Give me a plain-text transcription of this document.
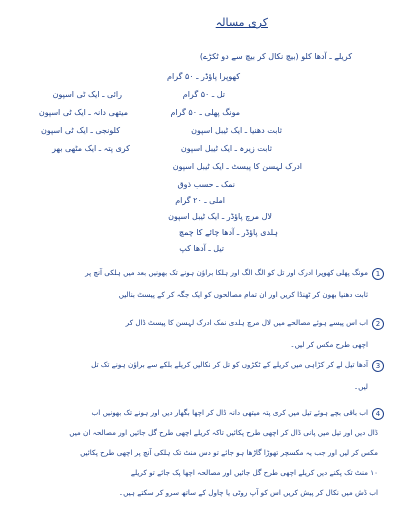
کری مسالہ
کریلے ـ آدھا کلو (بیچ نکال کر بیچ سے دو ٹکڑے)
کھوپرا پاؤڈر ـ ۵۰ گرام
تل ـ ۵۰ گرام
مونگ پھلی ـ ۵۰ گرام
ثابت دھنیا ـ ایک ٹیبل اسپون
ثابت زیرہ ـ ایک ٹیبل اسپون
ادرک لہسن کا پیسٹ ـ ایک ٹیبل اسپون
نمک ـ حسب ذوق
املی ـ ۲۰ گرام
لال مرچ پاؤڈر ـ ایک ٹیبل اسپون
ہلدی پاؤڈر ـ آدھا چائے کا چمچ
تیل ـ آدھا کپ
رائی ـ ایک ٹی اسپون
میتھی دانہ ـ ایک ٹی اسپون
کلونجی ـ ایک ٹی اسپون
کری پتہ ـ ایک مٹھی بھر
1
مونگ پھلی کھوپرا ادرک اور تل کو الگ الگ اور ہلکا براؤن ہونے تک بھونیں بعد میں ہلکی آنچ پر
ثابت دھنیا بھون کر ٹھنڈا کریں اور ان تمام مصالحوں کو ایک جگہ کر کے پیسٹ بنالیں
2
اب اس پیسے ہوئے مصالحے میں لال مرچ ہلدی نمک ادرک لہسن کا پیسٹ ڈال کر
اچھی طرح مکس کر لیں۔
3
آدھا تیل لے کر کڑاہی میں کریلے کے ٹکڑوں کو تل کر نکالیں کریلے بلکے سے براؤن ہونے تک تل
لیں۔
4
اب باقی بچے ہوئے تیل میں کری پتہ میتھی دانہ ڈال کر اچھا بگھار دیں اور ہونے تک بھونیں اب
ڈال دیں اور تیل میں پانی ڈال کر اچھی طرح پکائیں تاکہ کریلے اچھی طرح گل جائیں اور مصالحہ ان میں
مکس کر لیں اور جب یہ مکسچر تھوڑا گاڑھا ہو جائے تو دس منٹ تک ہلکی آنچ پر اچھی طرح پکائیں
۱۰ منٹ تک پکنے دیں کریلے اچھی طرح گل جائیں اور مصالحہ اچھا پک جائے تو کریلے
اب ڈش میں نکال کر پیش کریں اس کو آپ روٹی یا چاول کے ساتھ سرو کر سکتے ہیں۔
